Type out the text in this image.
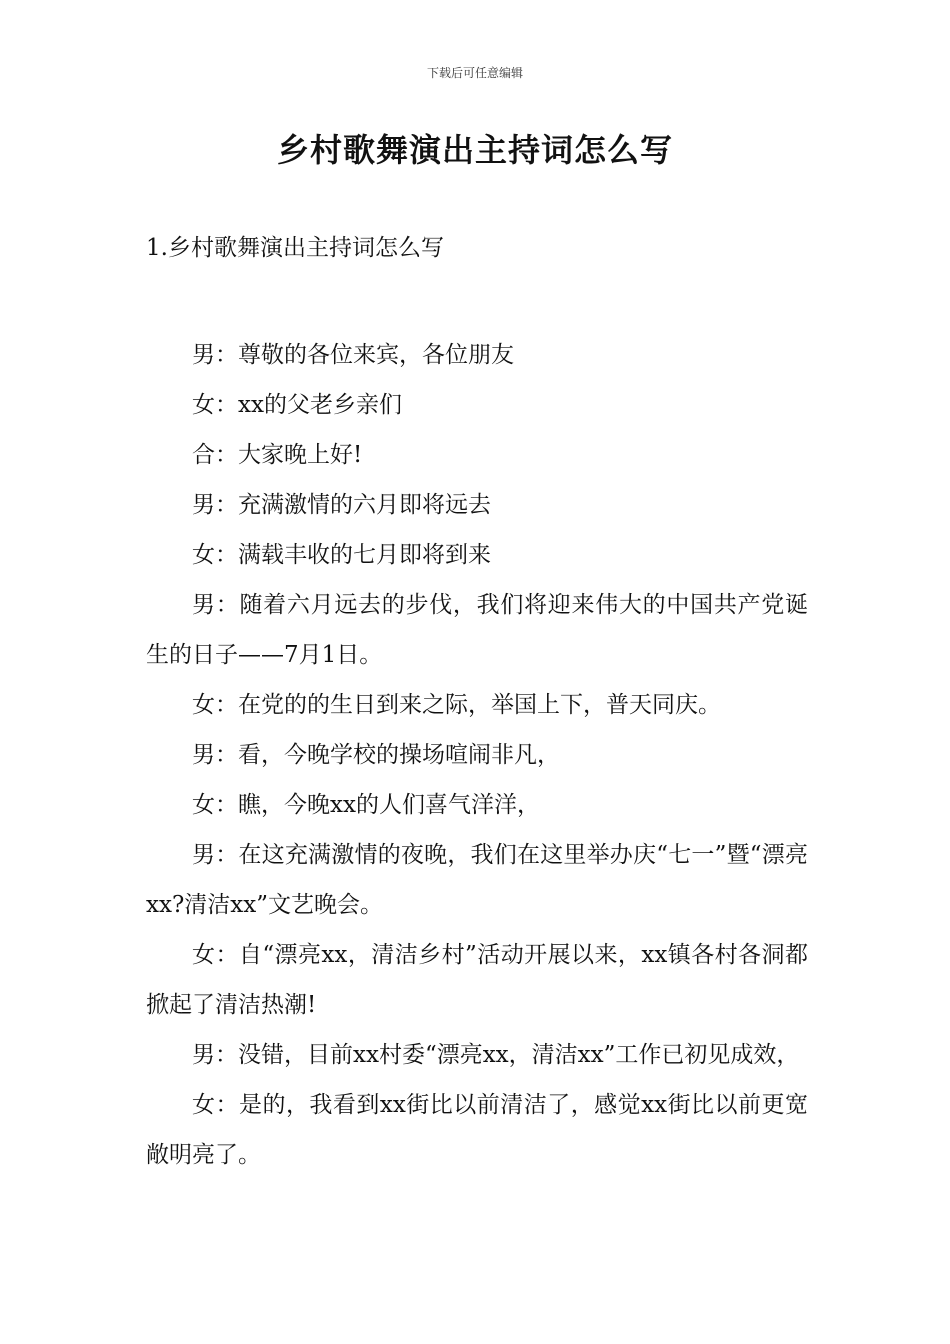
下载后可任意编辑
乡村歌舞演出主持词怎么写
1.乡村歌舞演出主持词怎么写

男：尊敬的各位来宾，各位朋友

女：xx的父老乡亲们

合：大家晚上好!

男：充满激情的六月即将远去

女：满载丰收的七月即将到来

男：随着六月远去的步伐，我们将迎来伟大的中国共产党诞生的日子——7月1日。

女：在党的的生日到来之际，举国上下，普天同庆。

男：看，今晚学校的操场喧闹非凡，

女：瞧，今晚xx的人们喜气洋洋，

男：在这充满激情的夜晚，我们在这里举办庆“七一”暨“漂亮xx?清洁xx”文艺晚会。

女：自“漂亮xx，清洁乡村”活动开展以来，xx镇各村各洞都掀起了清洁热潮!

男：没错，目前xx村委“漂亮xx，清洁xx”工作已初见成效，

女：是的，我看到xx街比以前清洁了，感觉xx街比以前更宽敞明亮了。
